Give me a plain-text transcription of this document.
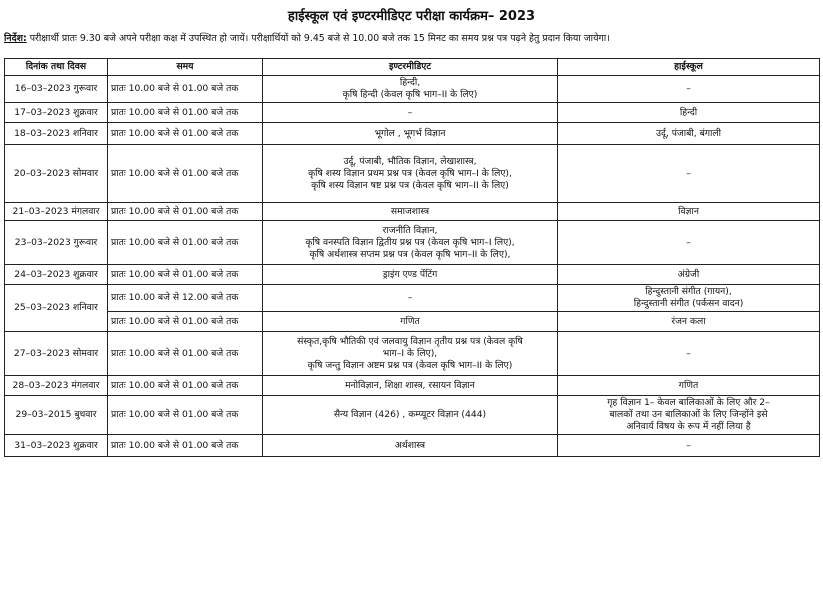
हाईस्कूल एवं इण्टरमीडिएट परीक्षा कार्यक्रम– 2023
निर्देश: परीक्षार्थी प्रातः 9.30 बजे अपने परीक्षा कक्ष में उपस्थित हो जायें। परीक्षार्थियों को 9.45 बजे से 10.00 बजे तक 15 मिनट का समय प्रश्न पत्र पढ़ने हेतु प्रदान किया जायेगा।
दिनांक तथा दिवस	समय	इण्टरमीडिएट	हाईस्कूल
16–03–2023 गुरूवार	प्रातः 10.00 बजे से 01.00 बजे तक	हिन्दी,
कृषि हिन्दी (केवल कृषि भाग–II के लिए)	–

17–03–2023 शुक्रवार	प्रातः 10.00 बजे से 01.00 बजे तक	–	हिन्दी

18–03–2023 शनिवार	प्रातः 10.00 बजे से 01.00 बजे तक	भूगोल , भूगर्भ विज्ञान	उर्दू, पंजाबी, बंगाली

20–03–2023 सोमवार	प्रातः 10.00 बजे से 01.00 बजे तक	उर्दू, पंजाबी, भौतिक विज्ञान, लेखाशास्त्र,
कृषि शस्य विज्ञान प्रथम प्रश्न पत्र (केवल कृषि भाग–I के लिए),
कृषि शस्य विज्ञान षष्ट प्रश्न पत्र (केवल कृषि भाग–II के लिए)	–

21–03–2023 मंगलवार	प्रातः 10.00 बजे से 01.00 बजे तक	समाजशास्त्र	विज्ञान

23–03–2023 गुरूवार	प्रातः 10.00 बजे से 01.00 बजे तक	राजनीति विज्ञान,
कृषि वनस्पति विज्ञान द्वितीय प्रश्न पत्र (केवल कृषि भाग–I लिए),
कृषि अर्थशास्त्र सप्तम प्रश्न पत्र (केवल कृषि भाग–II के लिए),	–

24–03–2023 शुक्रवार	प्रातः 10.00 बजे से 01.00 बजे तक	ड्राइंग एण्ड पेंटिंग	अंग्रेजी

25–03–2023 शनिवार	प्रातः 10.00 बजे से 12.00 बजे तक	–	हिन्दुस्तानी संगीत (गायन),
हिन्दुस्तानी संगीत (पर्कसन वादन)

	प्रातः 10.00 बजे से 01.00 बजे तक	गणित	रंजन कला

27–03–2023 सोमवार	प्रातः 10.00 बजे से 01.00 बजे तक	संस्कृत,कृषि भौतिकी एवं जलवायु विज्ञान तृतीय प्रश्न पत्र (केवल कृषि
भाग–I के लिए),
कृषि जन्तु विज्ञान अष्टम प्रश्न पत्र (केवल कृषि भाग–II के लिए)	–

28–03–2023 मंगलवार	प्रातः 10.00 बजे से 01.00 बजे तक	मनोविज्ञान, शिक्षा शास्त्र, रसायन विज्ञान	गणित

29–03–2015 बुधवार	प्रातः 10.00 बजे से 01.00 बजे तक	सैन्य विज्ञान (426) , कम्प्यूटर विज्ञान (444)	गृह विज्ञान 1– केवल बालिकाओं के लिए और 2–
बालकों तथा उन बालिकाओं के लिए जिन्होंने इसे
अनिवार्य विषय के रूप में नहीं लिया है

31–03–2023 शुक्रवार	प्रातः 10.00 बजे से 01.00 बजे तक	अर्थशास्त्र	–
